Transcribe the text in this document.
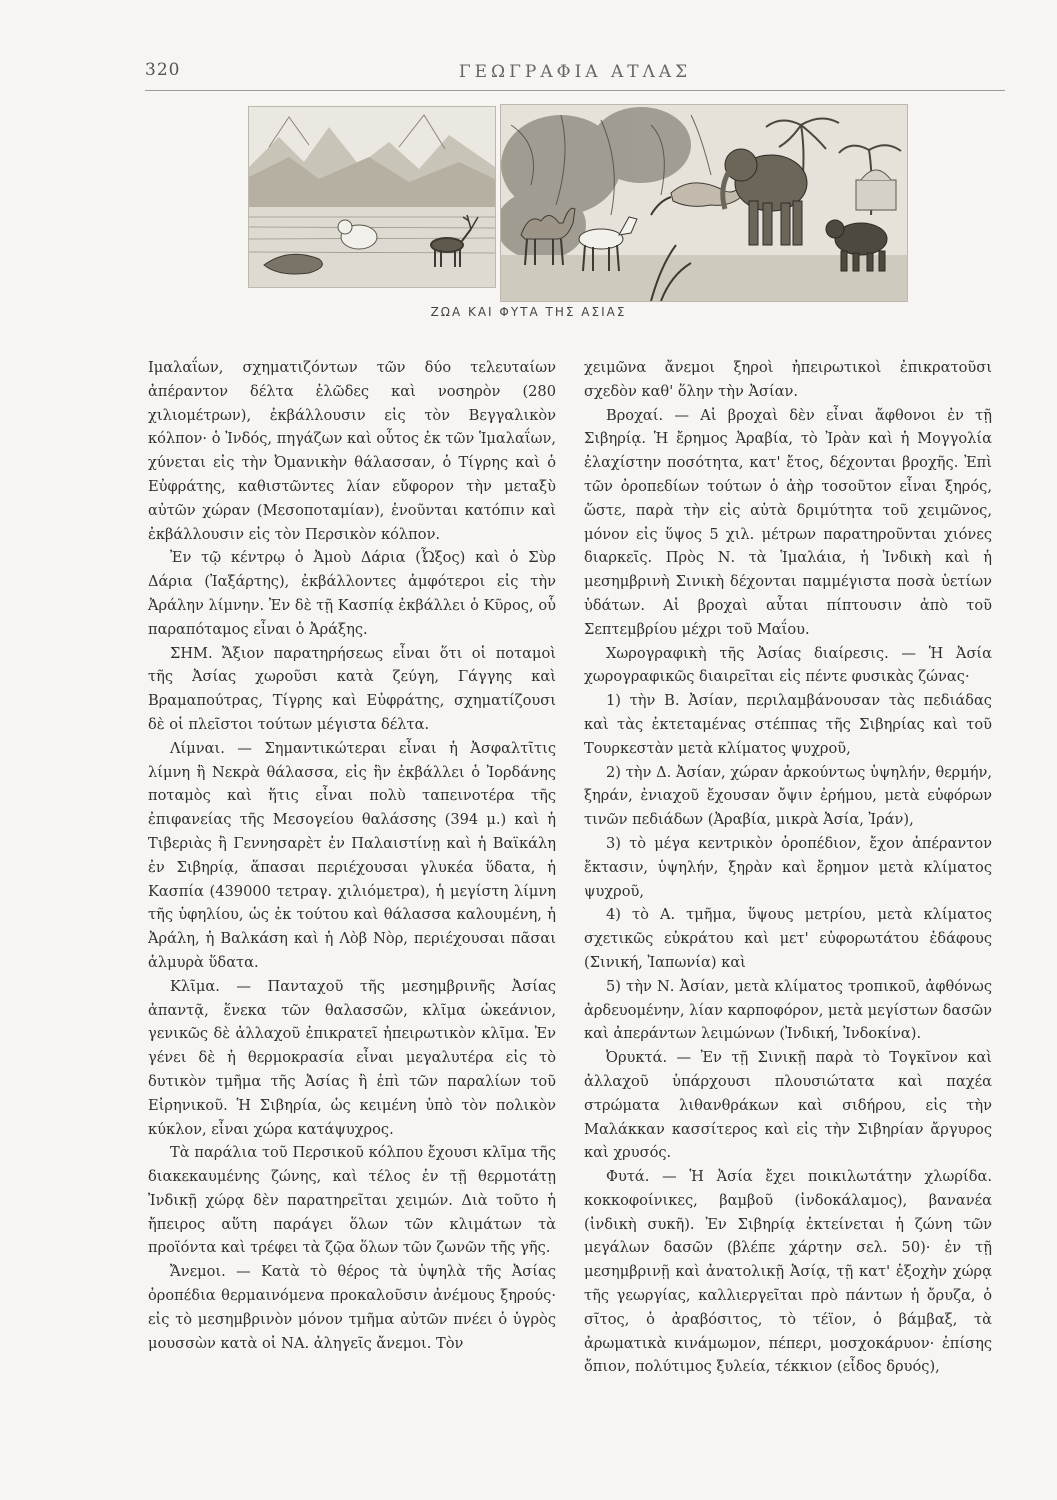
320	ΓΕΩΓΡΑΦΙΑ ΑΤΛΑΣ
ΖΩΑ ΚΑΙ ΦΥΤΑ ΤΗΣ ΑΣΙΑΣ

Ιμαλαΐων, σχηματιζόντων τῶν δύο τελευταίων ἀπέραντον δέλτα ἑλῶδες καὶ νοσηρὸν (280 χιλιομέτρων), ἐκβάλλουσιν εἰς τὸν Βεγγαλικὸν κόλπον· ὁ Ἰνδός, πηγάζων καὶ οὗτος ἐκ τῶν Ἱμαλαΐων, χύνεται εἰς τὴν Ὀμανικὴν θάλασσαν, ὁ Τίγρης καὶ ὁ Εὐφράτης, καθιστῶντες λίαν εὔφορον τὴν μεταξὺ αὐτῶν χώραν (Μεσοποταμίαν), ἑνοῦνται κατόπιν καὶ ἐκβάλλουσιν εἰς τὸν Περσικὸν κόλπον.

Ἐν τῷ κέντρῳ ὁ Ἀμοὺ Δάρια (Ὦξος) καὶ ὁ Σὺρ Δάρια (Ἰαξάρτης), ἐκβάλλοντες ἀμφότεροι εἰς τὴν Ἀράλην λίμνην. Ἐν δὲ τῇ Κασπίᾳ ἐκβάλλει ὁ Κῦρος, οὗ παραπόταμος εἶναι ὁ Ἀράξης.

ΣΗΜ. Ἄξιον παρατηρήσεως εἶναι ὅτι οἱ ποταμοὶ τῆς Ἀσίας χωροῦσι κατὰ ζεύγη, Γάγγης καὶ Βραμαπούτρας, Τίγρης καὶ Εὐφράτης, σχηματίζουσι δὲ οἱ πλεῖστοι τούτων μέγιστα δέλτα.

Λίμναι. — Σημαντικώτεραι εἶναι ἡ Ἀσφαλτῖτις λίμνη ἢ Νεκρὰ θάλασσα, εἰς ἣν ἐκβάλλει ὁ Ἰορδάνης ποταμὸς καὶ ἥτις εἶναι πολὺ ταπεινοτέρα τῆς ἐπιφανείας τῆς Μεσογείου θαλάσσης (394 μ.) καὶ ἡ Τιβεριὰς ἢ Γεννησαρὲτ ἐν Παλαιστίνῃ καὶ ἡ Βαϊκάλη ἐν Σιβηρίᾳ, ἅπασαι περιέχουσαι γλυκέα ὕδατα, ἡ Κασπία (439000 τετραγ. χιλιόμετρα), ἡ μεγίστη λίμνη τῆς ὑφηλίου, ὡς ἐκ τούτου καὶ θάλασσα καλουμένη, ἡ Ἀράλη, ἡ Βαλκάση καὶ ἡ Λὸβ Νὸρ, περιέχουσαι πᾶσαι ἁλμυρὰ ὕδατα.

Κλῖμα. — Πανταχοῦ τῆς μεσημβρινῆς Ἀσίας ἀπαντᾷ, ἕνεκα τῶν θαλασσῶν, κλῖμα ὠκεάνιον, γενικῶς δὲ ἀλλαχοῦ ἐπικρατεῖ ἠπειρωτικὸν κλῖμα. Ἐν γένει δὲ ἡ θερμοκρασία εἶναι μεγαλυτέρα εἰς τὸ δυτικὸν τμῆμα τῆς Ἀσίας ἢ ἐπὶ τῶν παραλίων τοῦ Εἰρηνικοῦ. Ἡ Σιβηρία, ὡς κειμένη ὑπὸ τὸν πολικὸν κύκλον, εἶναι χώρα κατάψυχρος.

Τὰ παράλια τοῦ Περσικοῦ κόλπου ἔχουσι κλῖμα τῆς διακεκαυμένης ζώνης, καὶ τέλος ἐν τῇ θερμοτάτῃ Ἰνδικῇ χώρᾳ δὲν παρατηρεῖται χειμών. Διὰ τοῦτο ἡ ἤπειρος αὕτη παράγει ὅλων τῶν κλιμάτων τὰ προϊόντα καὶ τρέφει τὰ ζῷα ὅλων τῶν ζωνῶν τῆς γῆς.

Ἄνεμοι. — Κατὰ τὸ θέρος τὰ ὑψηλὰ τῆς Ἀσίας ὀροπέδια θερμαινόμενα προκαλοῦσιν ἀνέμους ξηρούς· εἰς τὸ μεσημβρινὸν μόνον τμῆμα αὐτῶν πνέει ὁ ὑγρὸς μουσσὼν κατὰ οἱ ΝΑ. ἀληγεῖς ἄνεμοι. Τὸν

χειμῶνα ἄνεμοι ξηροὶ ἠπειρωτικοὶ ἐπικρατοῦσι σχεδὸν καθ' ὅλην τὴν Ἀσίαν.

Βροχαί. — Αἱ βροχαὶ δὲν εἶναι ἄφθονοι ἐν τῇ Σιβηρίᾳ. Ἡ ἔρημος Ἀραβία, τὸ Ἰρὰν καὶ ἡ Μογγολία ἐλαχίστην ποσότητα, κατ' ἔτος, δέχονται βροχῆς. Ἐπὶ τῶν ὀροπεδίων τούτων ὁ ἀὴρ τοσοῦτον εἶναι ξηρός, ὥστε, παρὰ τὴν εἰς αὐτὰ δριμύτητα τοῦ χειμῶνος, μόνον εἰς ὕψος 5 χιλ. μέτρων παρατηροῦνται χιόνες διαρκεῖς. Πρὸς Ν. τὰ Ἱμαλάια, ἡ Ἰνδικὴ καὶ ἡ μεσημβρινὴ Σινικὴ δέχονται παμμέγιστα ποσὰ ὑετίων ὑδάτων. Αἱ βροχαὶ αὗται πίπτουσιν ἀπὸ τοῦ Σεπτεμβρίου μέχρι τοῦ Μαΐου.

Χωρογραφικὴ τῆς Ἀσίας διαίρεσις. — Ἡ Ἀσία χωρογραφικῶς διαιρεῖται εἰς πέντε φυσικὰς ζώνας·

1) τὴν Β. Ἀσίαν, περιλαμβάνουσαν τὰς πεδιάδας καὶ τὰς ἐκτεταμένας στέππας τῆς Σιβηρίας καὶ τοῦ Τουρκεστὰν μετὰ κλίματος ψυχροῦ,

2) τὴν Δ. Ἀσίαν, χώραν ἀρκούντως ὑψηλήν, θερμήν, ξηράν, ἐνιαχοῦ ἔχουσαν ὄψιν ἐρήμου, μετὰ εὐφόρων τινῶν πεδιάδων (Ἀραβία, μικρὰ Ἀσία, Ἰράν),

3) τὸ μέγα κεντρικὸν ὀροπέδιον, ἔχον ἀπέραντον ἔκτασιν, ὑψηλήν, ξηρὰν καὶ ἔρημον μετὰ κλίματος ψυχροῦ,

4) τὸ Α. τμῆμα, ὕψους μετρίου, μετὰ κλίματος σχετικῶς εὐκράτου καὶ μετ' εὐφορωτάτου ἐδάφους (Σινική, Ἰαπωνία) καὶ

5) τὴν Ν. Ἀσίαν, μετὰ κλίματος τροπικοῦ, ἀφθόνως ἀρδευομένην, λίαν καρποφόρον, μετὰ μεγίστων δασῶν καὶ ἀπεράντων λειμώνων (Ἰνδική, Ἰνδοκίνα).

Ὀρυκτά. — Ἐν τῇ Σινικῇ παρὰ τὸ Τογκῖνον καὶ ἀλλαχοῦ ὑπάρχουσι πλουσιώτατα καὶ παχέα στρώματα λιθανθράκων καὶ σιδήρου, εἰς τὴν Μαλάκκαν κασσίτερος καὶ εἰς τὴν Σιβηρίαν ἄργυρος καὶ χρυσός.

Φυτά. — Ἡ Ἀσία ἔχει ποικιλωτάτην χλωρίδα. κοκκοφοίνικες, βαμβοῦ (ἰνδοκάλαμος), βανανέα (ἰνδικὴ συκῆ). Ἐν Σιβηρίᾳ ἐκτείνεται ἡ ζώνη τῶν μεγάλων δασῶν (βλέπε χάρτην σελ. 50)· ἐν τῇ μεσημβρινῇ καὶ ἀνατολικῇ Ἀσίᾳ, τῇ κατ' ἐξοχὴν χώρᾳ τῆς γεωργίας, καλλιεργεῖται πρὸ πάντων ἡ ὄρυζα, ὁ σῖτος, ὁ ἀραβόσιτος, τὸ τέϊον, ὁ βάμβαξ, τὰ ἀρωματικὰ κινάμωμον, πέπερι, μοσχοκάρυον· ἐπίσης ὄπιον, πολύτιμος ξυλεία, τέκκιον (εἶδος δρυός),
